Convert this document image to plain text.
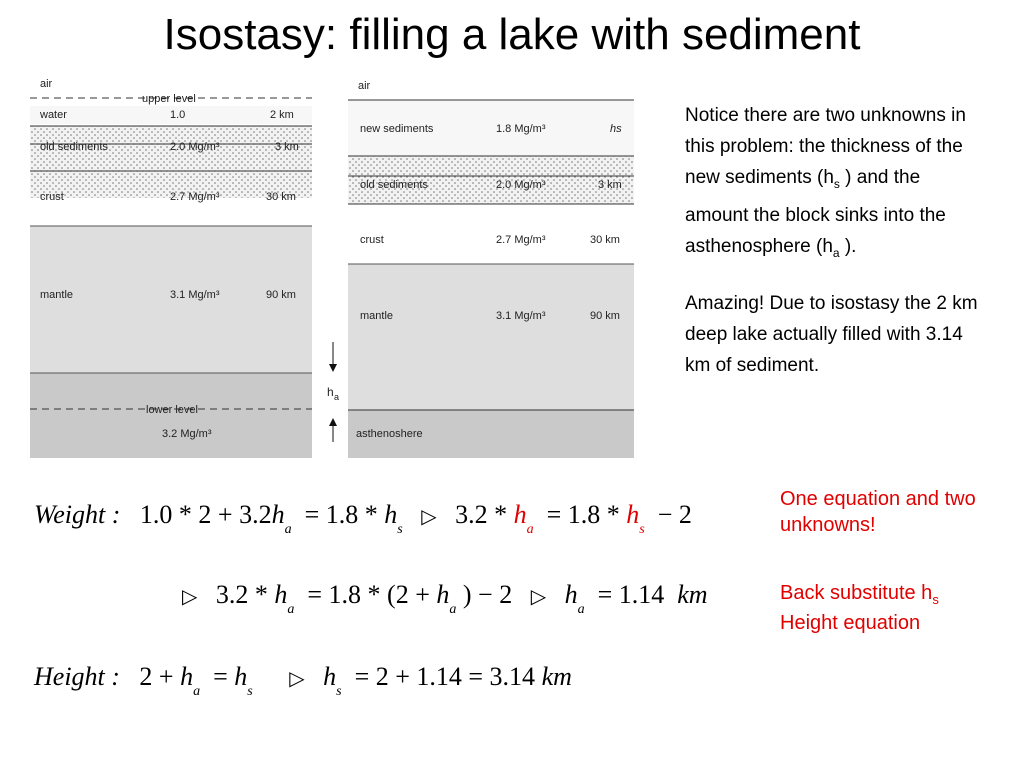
Isostasy: filling a lake with sediment
air
upper level
water	1.0	2 km
old sediments	2.0 Mg/m³	3 km
crust	2.7 Mg/m³	30 km
mantle	3.1 Mg/m³	90 km
lower level
3.2 Mg/m³
h a
air
new sediments	1.8 Mg/m³	hs
old sediments	2.0 Mg/m³	3 km
crust	2.7 Mg/m³	30 km
mantle	3.1 Mg/m³	90 km
asthenoshere

Notice there are two unknowns in this problem: the thickness of the new sediments ($h_s$ ) and the amount the block sinks into the asthenosphere ($h_a$ ).

Amazing! Due to isostasy the 2 km deep lake actually filled with 3.14 km of sediment.

One equation and two unknowns!
Back substitute $h_s$
Height equation
Weight : $1.0 * 2 + 3.2h_a = 1.8 * h_s$ ▷ $3.2 * h_a = 1.8 * h_s - 2$
▷ $3.2 * h_a = 1.8 * (2 + h_a$ ) − 2 ▷ $h_a = 1.14$ km
Height : $2 + h_a = h_s$ ▷ $h_s = 2 + 1.14 = 3.14$ km
